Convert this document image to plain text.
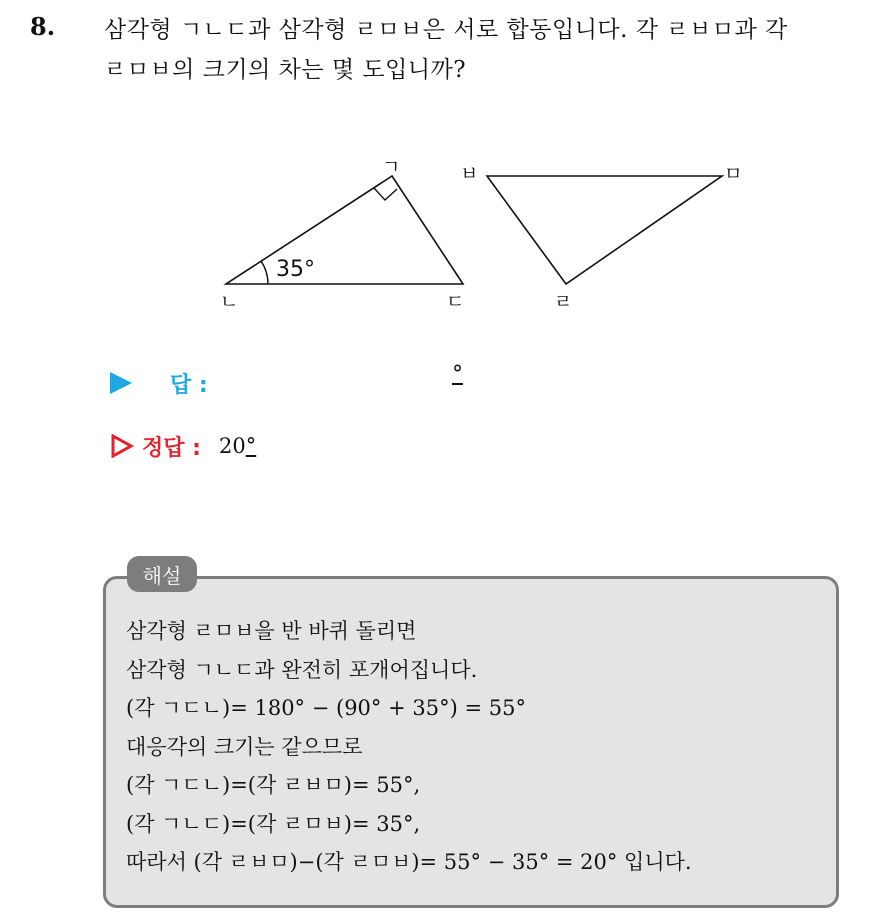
8. 삼각형 ㄱㄴㄷ과 삼각형 ㄹㅁㅂ은 서로 합동입니다. 각 ㄹㅂㅁ과 각
ㄹㅁㅂ의 크기의 차는 몇 도입니까?
35°
ㄱ
ㄴ	ㄷ
ㅂ	ㅁ
ㄹ
답 :	°
정답 : 20°
해설
삼각형 ㄹㅁㅂ을 반 바퀴 돌리면
삼각형 ㄱㄴㄷ과 완전히 포개어집니다.
(각 ㄱㄷㄴ)= 180° − (90° + 35°) = 55°
대응각의 크기는 같으므로
(각 ㄱㄷㄴ)=(각 ㄹㅂㅁ)= 55°,
(각 ㄱㄴㄷ)=(각 ㄹㅁㅂ)= 35°,
따라서 (각 ㄹㅂㅁ)−(각 ㄹㅁㅂ)= 55° − 35° = 20° 입니다.
